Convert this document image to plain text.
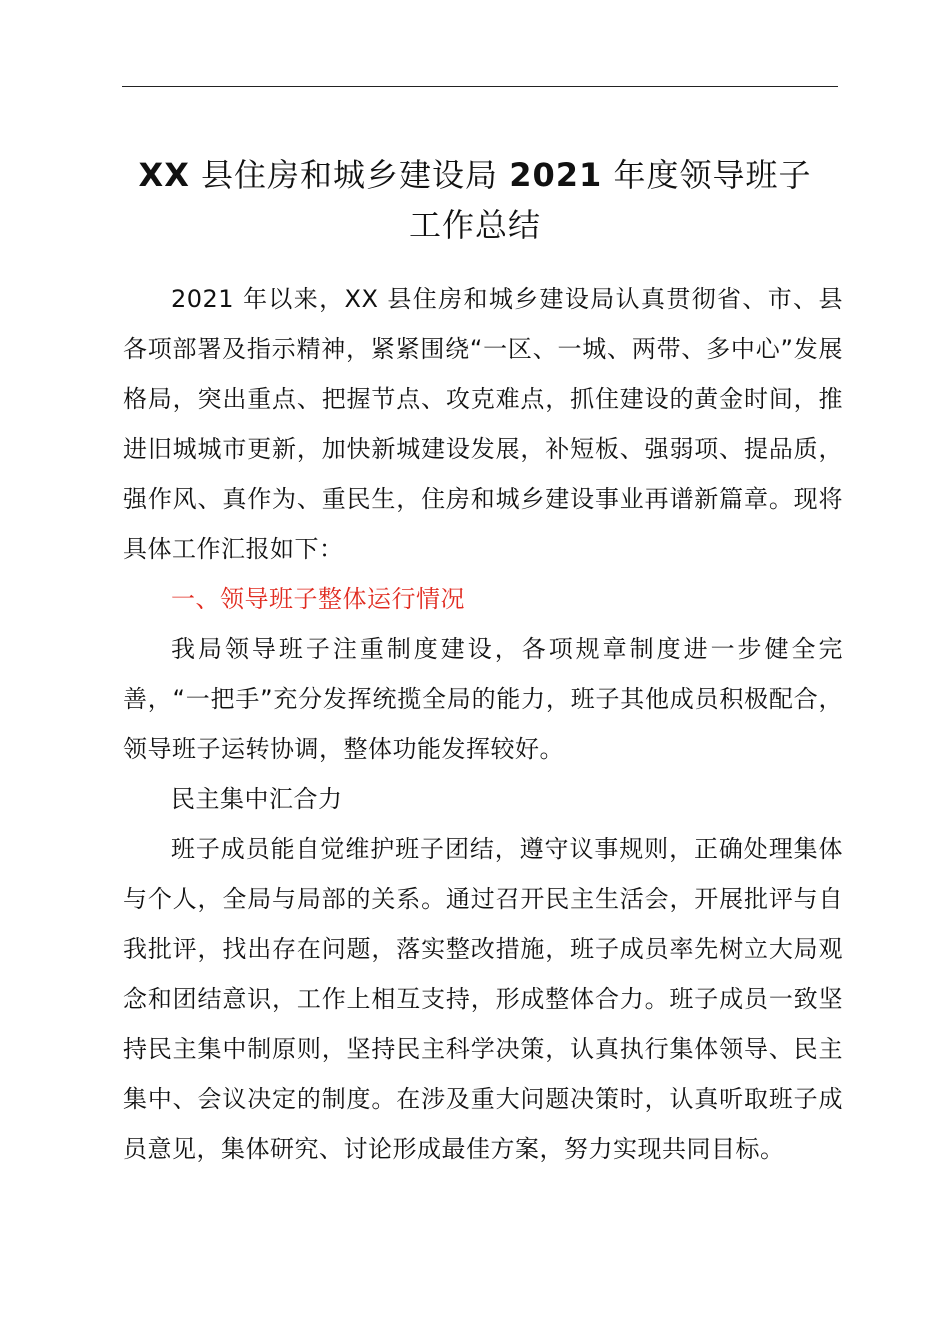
XX 县住房和城乡建设局 2021 年度领导班子
工作总结

2021 年以来，XX 县住房和城乡建设局认真贯彻省、市、县各项部署及指示精神，紧紧围绕“一区、一城、两带、多中心”发展格局，突出重点、把握节点、攻克难点，抓住建设的黄金时间，推进旧城城市更新，加快新城建设发展，补短板、强弱项、提品质，强作风、真作为、重民生，住房和城乡建设事业再谱新篇章。现将具体工作汇报如下：

一、领导班子整体运行情况

我局领导班子注重制度建设，各项规章制度进一步健全完善，“一把手”充分发挥统揽全局的能力，班子其他成员积极配合，领导班子运转协调，整体功能发挥较好。

民主集中汇合力

班子成员能自觉维护班子团结，遵守议事规则，正确处理集体与个人，全局与局部的关系。通过召开民主生活会，开展批评与自我批评，找出存在问题，落实整改措施，班子成员率先树立大局观念和团结意识，工作上相互支持，形成整体合力。班子成员一致坚持民主集中制原则，坚持民主科学决策，认真执行集体领导、民主集中、会议决定的制度。在涉及重大问题决策时，认真听取班子成员意见，集体研究、讨论形成最佳方案，努力实现共同目标。
